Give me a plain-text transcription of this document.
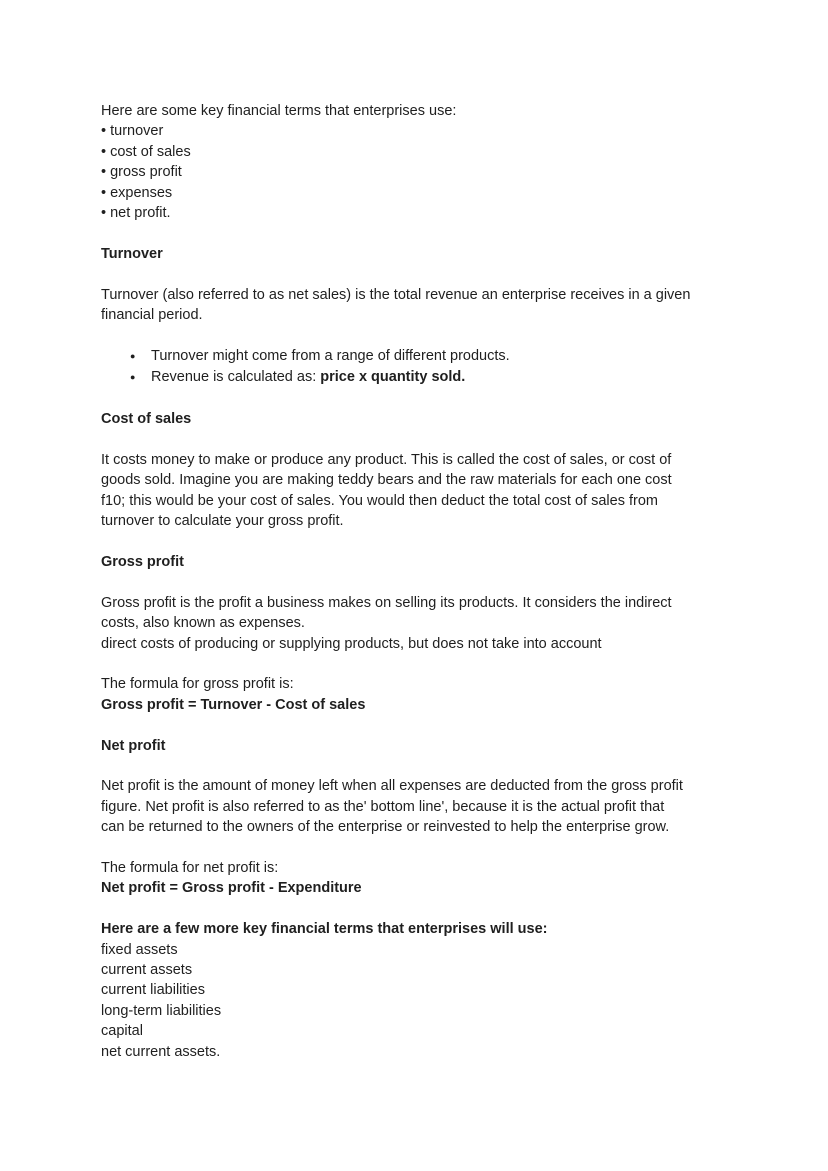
Here are some key financial terms that enterprises use:

• turnover
• cost of sales
• gross profit
• expenses
• net profit.
Turnover

Turnover (also referred to as net sales) is the total revenue an enterprise receives in a given
financial period.

● Turnover might come from a range of different products.
● Revenue is calculated as: price x quantity sold.
Cost of sales

It costs money to make or produce any product. This is called the cost of sales, or cost of
goods sold. Imagine you are making teddy bears and the raw materials for each one cost
f10; this would be your cost of sales. You would then deduct the total cost of sales from
turnover to calculate your gross profit.

Gross profit

Gross profit is the profit a business makes on selling its products. It considers the indirect
costs, also known as expenses.
direct costs of producing or supplying products, but does not take into account

The formula for gross profit is:

Gross profit = Turnover - Cost of sales

Net profit

Net profit is the amount of money left when all expenses are deducted from the gross profit
figure. Net profit is also referred to as the' bottom line', because it is the actual profit that
can be returned to the owners of the enterprise or reinvested to help the enterprise grow.

The formula for net profit is:

Net profit = Gross profit - Expenditure

Here are a few more key financial terms that enterprises will use:

fixed assets
current assets
current liabilities
long-term liabilities
capital
net current assets.
